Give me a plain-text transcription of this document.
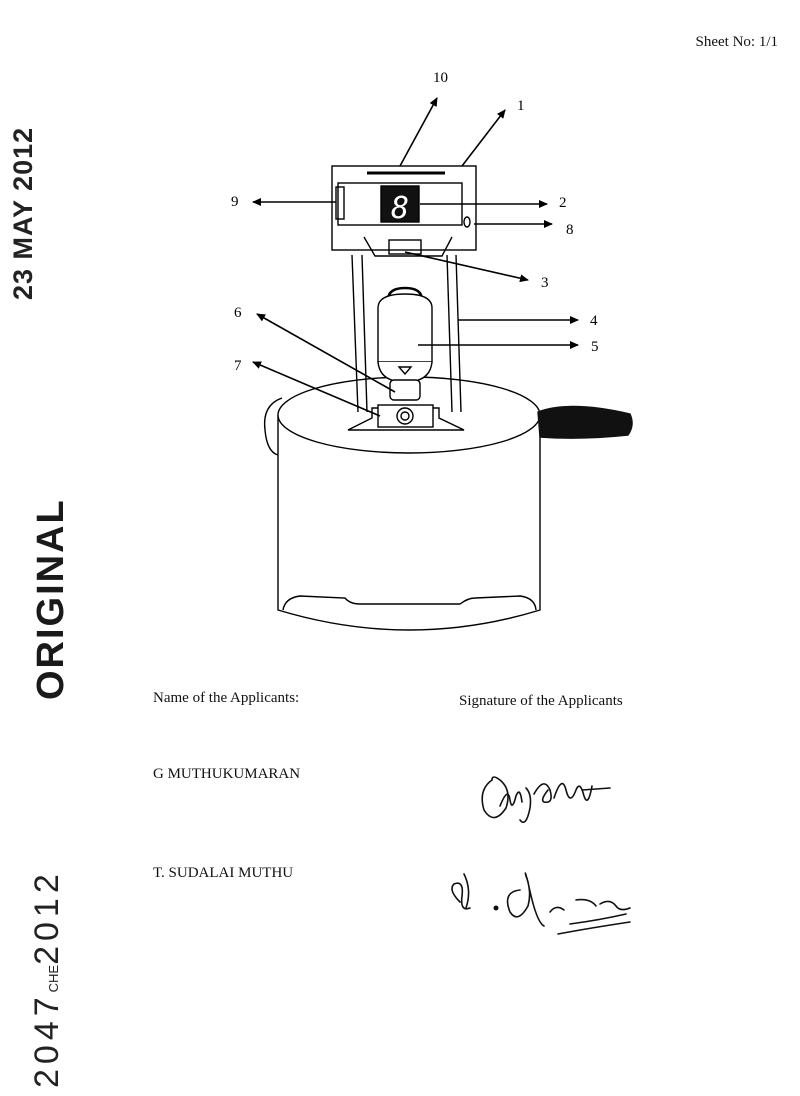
Sheet No: 1/1
23 MAY 2012
ORIGINAL
2047CHE2012
8
10
1
2
8
9
3
4
5
6
7
Name of the Applicants:	Signature of the Applicants
G MUTHUKUMARAN
T. SUDALAI MUTHU
